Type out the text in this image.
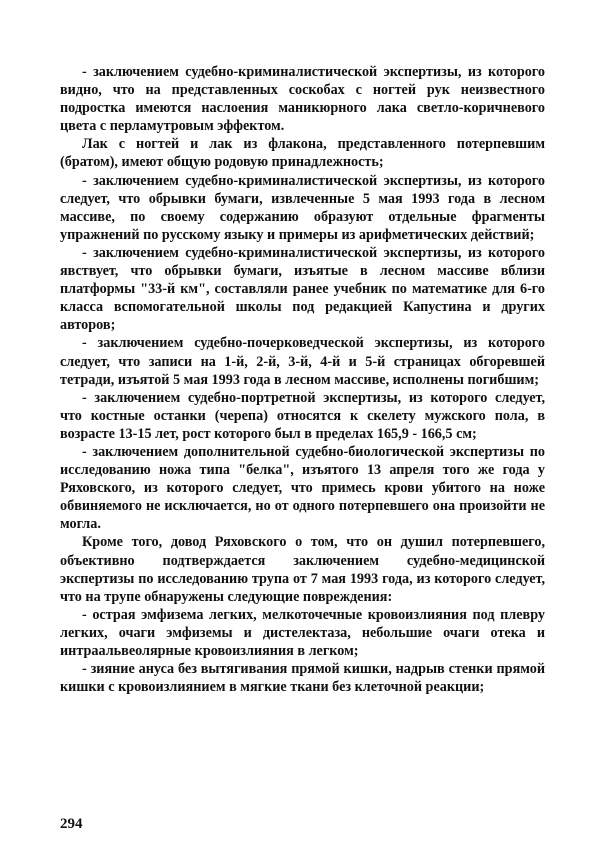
- заключением судебно-криминалистической экспертизы, из которого видно, что на представленных соскобах с ногтей рук неизвестного подростка имеются наслоения маникюрного лака светло-коричневого цвета с перламутровым эффектом.

Лак с ногтей и лак из флакона, представленного потерпевшим (братом), имеют общую родовую принадлежность;

- заключением судебно-криминалистической экспертизы, из которого следует, что обрывки бумаги, извлеченные 5 мая 1993 года в лесном массиве, по своему содержанию образуют отдельные фрагменты упражнений по русскому языку и примеры из арифметических действий;

- заключением судебно-криминалистической экспертизы, из которого явствует, что обрывки бумаги, изъятые в лесном массиве вблизи платформы "33-й км", составляли ранее учебник по математике для 6-го класса вспомогательной школы под редакцией Капустина и других авторов;

- заключением судебно-почерковедческой экспертизы, из которого следует, что записи на 1-й, 2-й, 3-й, 4-й и 5-й страницах обгоревшей тетради, изъятой 5 мая 1993 года в лесном массиве, исполнены погибшим;

- заключением судебно-портретной экспертизы, из которого следует, что костные останки (черепа) относятся к скелету мужского пола, в возрасте 13-15 лет, рост которого был в пределах 165,9 - 166,5 см;

- заключением дополнительной судебно-биологической экспертизы по исследованию ножа типа "белка", изъятого 13 апреля того же года у Ряховского, из которого следует, что примесь крови убитого на ноже обвиняемого не исключается, но от одного потерпевшего она произойти не могла.

Кроме того, довод Ряховского о том, что он душил потерпевшего, объективно подтверждается заключением судебно-медицинской экспертизы по исследованию трупа от 7 мая 1993 года, из которого следует, что на трупе обнаружены следующие повреждения:

- острая эмфизема легких, мелкоточечные кровоизлияния под плевру легких, очаги эмфиземы и дистелектаза, небольшие очаги отека и интраальвеолярные кровоизлияния в легком;

- зияние ануса без вытягивания прямой кишки, надрыв стенки прямой кишки с кровоизлиянием в мягкие ткани без клеточной реакции;

294
